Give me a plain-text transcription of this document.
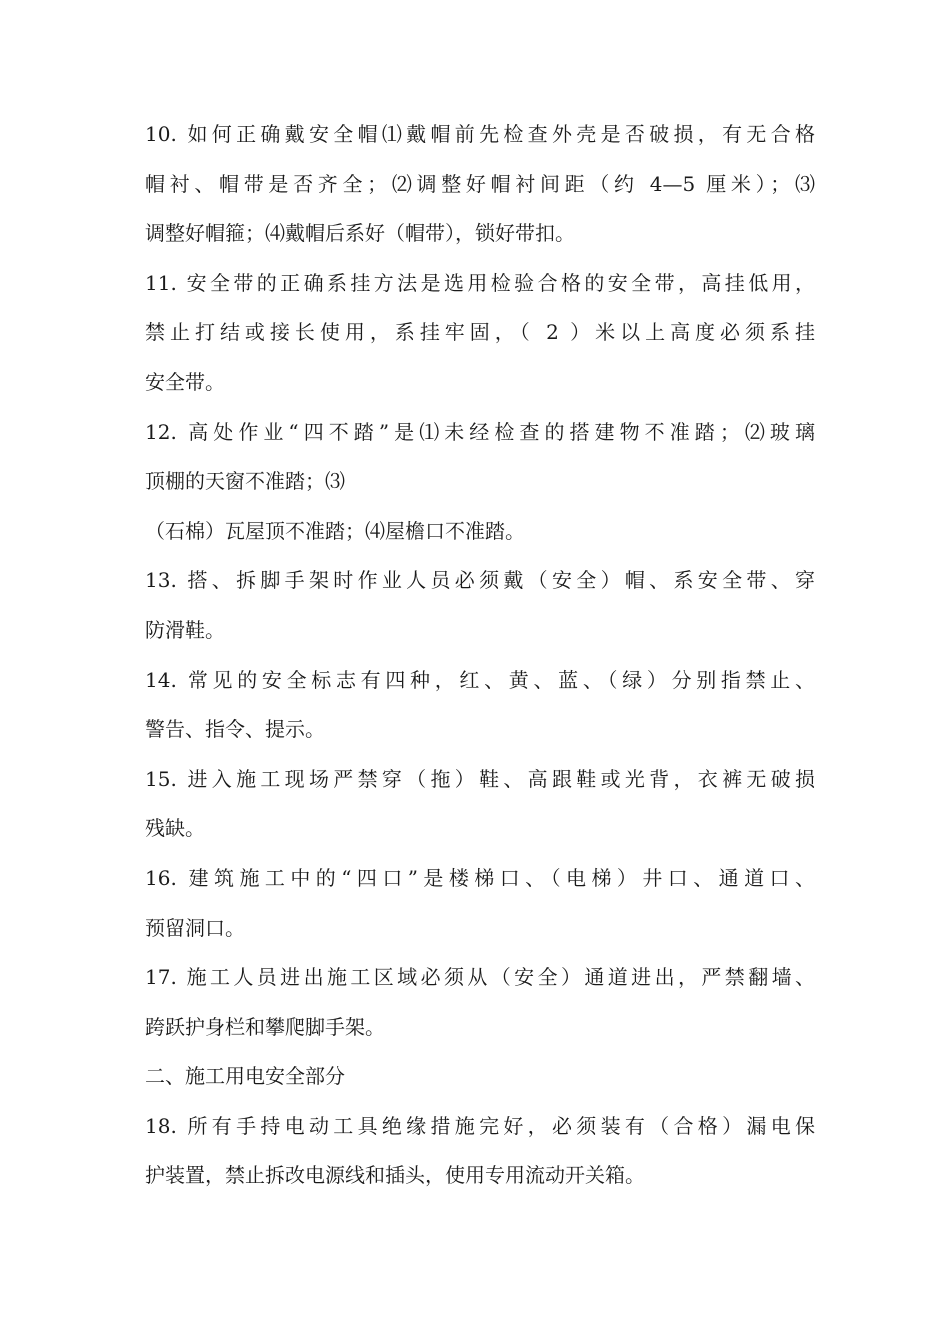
10. 如何正确戴安全帽⑴戴帽前先检查外壳是否破损，有无合格
帽衬、帽带是否齐全；⑵调整好帽衬间距（约 4—5 厘米）；⑶
调整好帽箍；⑷戴帽后系好（帽带），锁好带扣。
11. 安全带的正确系挂方法是选用检验合格的安全带，高挂低用，
禁止打结或接长使用，系挂牢固，（ 2 ）米以上高度必须系挂
安全带。
12. 高处作业“四不踏”是⑴未经检查的搭建物不准踏；⑵玻璃
顶棚的天窗不准踏；⑶
（石棉）瓦屋顶不准踏；⑷屋檐口不准踏。
13. 搭、拆脚手架时作业人员必须戴（安全）帽、系安全带、穿
防滑鞋。
14. 常见的安全标志有四种，红、黄、蓝、（绿）分别指禁止、
警告、指令、提示。
15. 进入施工现场严禁穿（拖）鞋、高跟鞋或光背，衣裤无破损
残缺。
16. 建筑施工中的“四口”是楼梯口、（电梯）井口、通道口、
预留洞口。
17. 施工人员进出施工区域必须从（安全）通道进出，严禁翻墙、
跨跃护身栏和攀爬脚手架。
二、施工用电安全部分
18. 所有手持电动工具绝缘措施完好，必须装有（合格）漏电保
护装置，禁止拆改电源线和插头，使用专用流动开关箱。
